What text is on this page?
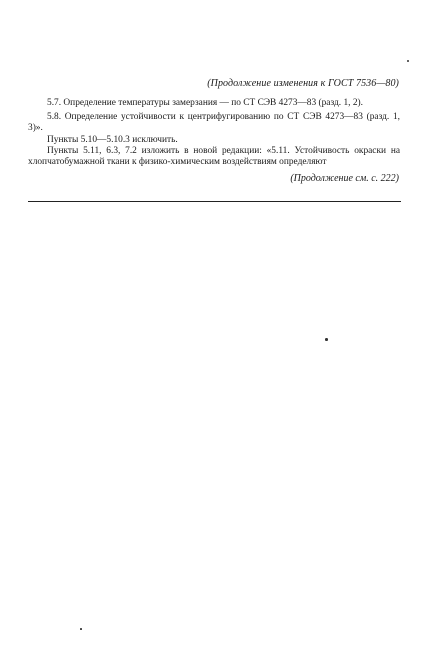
(Продолжение изменения к ГОСТ 7536—80)

5.7. Определение температуры замерзания — по СТ СЭВ 4273—83 (разд. 1, 2).

5.8. Определение устойчивости к центрифугированию по СТ СЭВ 4273—83 (разд. 1, 3)».

Пункты 5.10—5.10.3 исключить.

Пункты 5.11, 6.3, 7.2 изложить в новой редакции: «5.11. Устойчивость окраски на хлопчатобумажной ткани к физико-химическим воздействиям определяют

(Продолжение см. с. 222)
